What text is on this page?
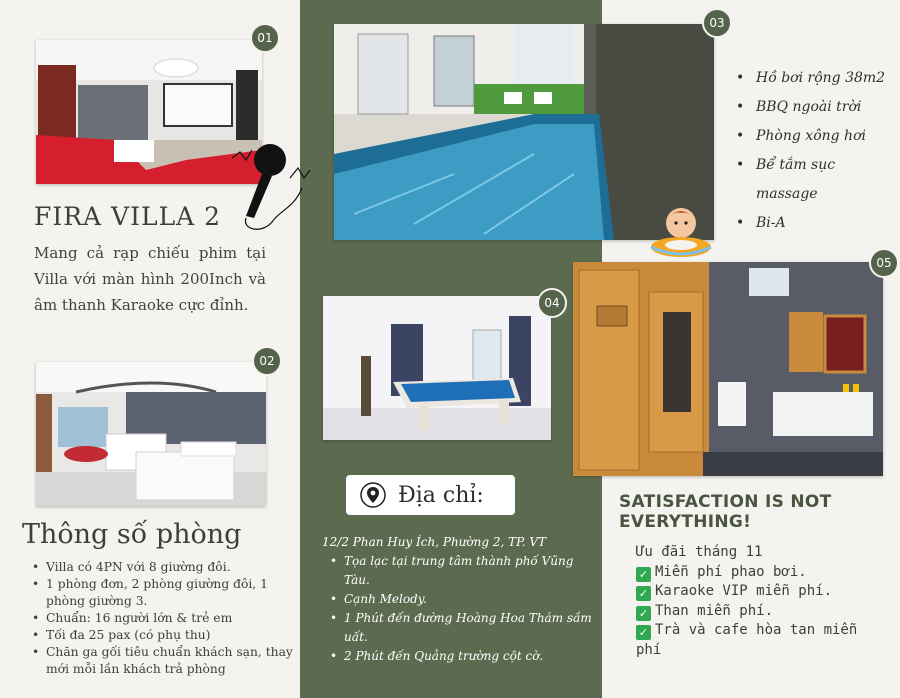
01
FIRA VILLA 2
Mang cả rạp chiếu phim tại Villa với màn hình 200Inch và âm thanh Karaoke cực đỉnh.
02
Thông số phòng
• Villa có 4PN với 8 giường đôi.
• 1 phòng đơn, 2 phòng giường đôi, 1 phòng giường 3.
• Chuẩn: 16 người lớn & trẻ em
• Tối đa 25 pax (có phụ thu)
• Chăn ga gối tiêu chuẩn khách sạn, thay mới mỗi lần khách trả phòng
03
• Hồ bơi rộng 38m2
• BBQ ngoài trời
• Phòng xông hơi
• Bể tắm sục massage
• Bi-A
04
Địa chỉ:
12/2 Phan Huy Ích, Phường 2, TP. VT
• Tọa lạc tại trung tâm thành phố Vũng Tàu.
• Cạnh Melody.
• 1 Phút đến đường Hoàng Hoa Thám sầm uất.
• 2 Phút đến Quảng trường cột cờ.
05
SATISFACTION IS NOT EVERYTHING!
Ưu đãi tháng 11
✓ Miễn phí phao bơi.
✓ Karaoke VIP miễn phí.
✓ Than miễn phí.
✓ Trà và cafe hòa tan miễn phí
